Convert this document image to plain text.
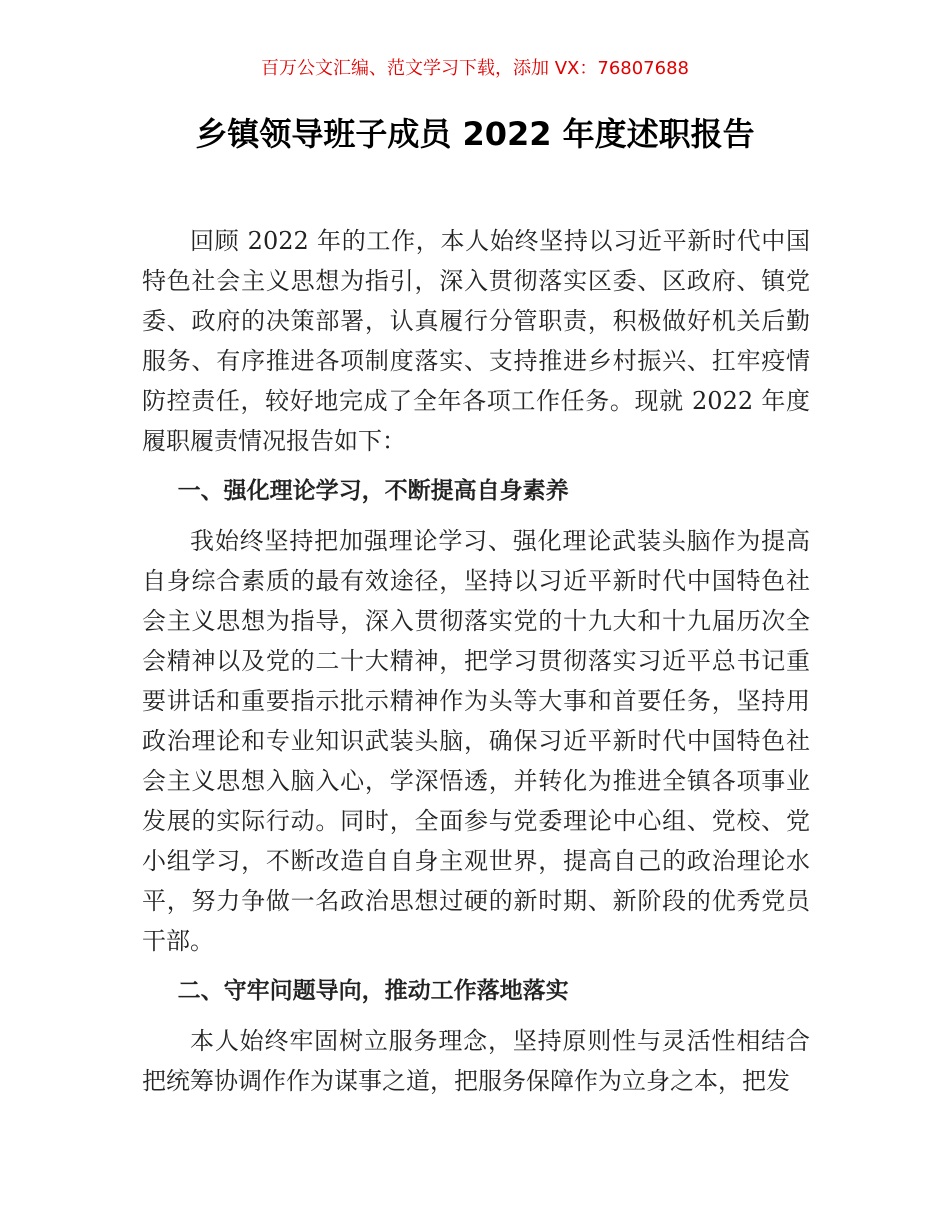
百万公文汇编、范文学习下载，添加 VX：76807688
乡镇领导班子成员 2022 年度述职报告

回顾 2022 年的工作，本人始终坚持以习近平新时代中国特色社会主义思想为指引，深入贯彻落实区委、区政府、镇党委、政府的决策部署，认真履行分管职责，积极做好机关后勤服务、有序推进各项制度落实、支持推进乡村振兴、扛牢疫情防控责任，较好地完成了全年各项工作任务。现就 2022 年度履职履责情况报告如下：

一、强化理论学习，不断提高自身素养

我始终坚持把加强理论学习、强化理论武装头脑作为提高自身综合素质的最有效途径，坚持以习近平新时代中国特色社会主义思想为指导，深入贯彻落实党的十九大和十九届历次全会精神以及党的二十大精神，把学习贯彻落实习近平总书记重要讲话和重要指示批示精神作为头等大事和首要任务，坚持用政治理论和专业知识武装头脑，确保习近平新时代中国特色社会主义思想入脑入心，学深悟透，并转化为推进全镇各项事业发展的实际行动。同时，全面参与党委理论中心组、党校、党小组学习，不断改造自自身主观世界，提高自己的政治理论水平，努力争做一名政治思想过硬的新时期、新阶段的优秀党员干部。

二、守牢问题导向，推动工作落地落实

本人始终牢固树立服务理念，坚持原则性与灵活性相结合把统筹协调作作为谋事之道，把服务保障作为立身之本，把发
